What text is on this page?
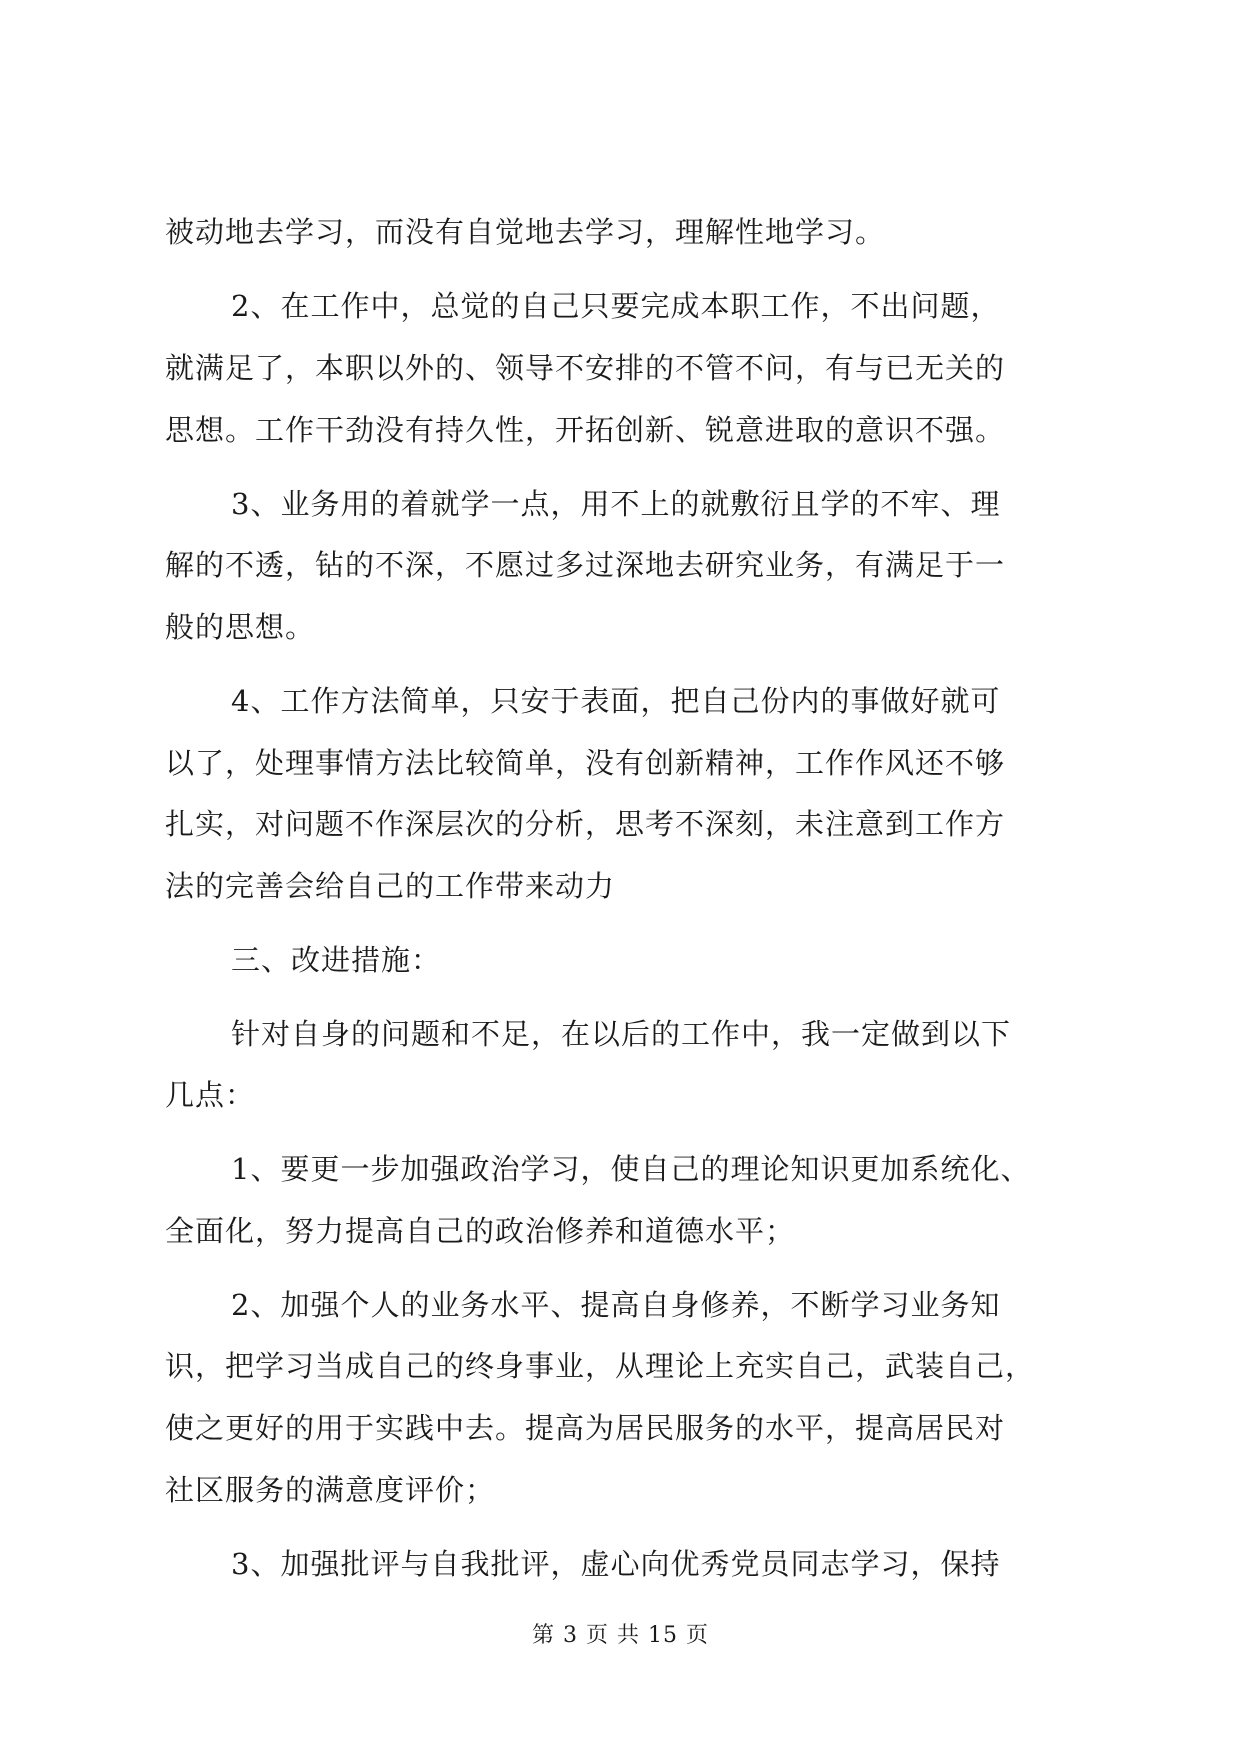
被动地去学习，而没有自觉地去学习，理解性地学习。
2、在工作中，总觉的自己只要完成本职工作，不出问题，
就满足了，本职以外的、领导不安排的不管不问，有与已无关的
思想。工作干劲没有持久性，开拓创新、锐意进取的意识不强。
3、业务用的着就学一点，用不上的就敷衍且学的不牢、理
解的不透，钻的不深，不愿过多过深地去研究业务，有满足于一
般的思想。
4、工作方法简单，只安于表面，把自己份内的事做好就可
以了，处理事情方法比较简单，没有创新精神，工作作风还不够
扎实，对问题不作深层次的分析，思考不深刻，未注意到工作方
法的完善会给自己的工作带来动力
三、改进措施：
针对自身的问题和不足，在以后的工作中，我一定做到以下
几点：
1、要更一步加强政治学习，使自己的理论知识更加系统化、
全面化，努力提高自己的政治修养和道德水平；
2、加强个人的业务水平、提高自身修养，不断学习业务知
识，把学习当成自己的终身事业，从理论上充实自己，武装自己，
使之更好的用于实践中去。提高为居民服务的水平，提高居民对
社区服务的满意度评价；
3、加强批评与自我批评，虚心向优秀党员同志学习，保持
第 3 页 共 15 页
